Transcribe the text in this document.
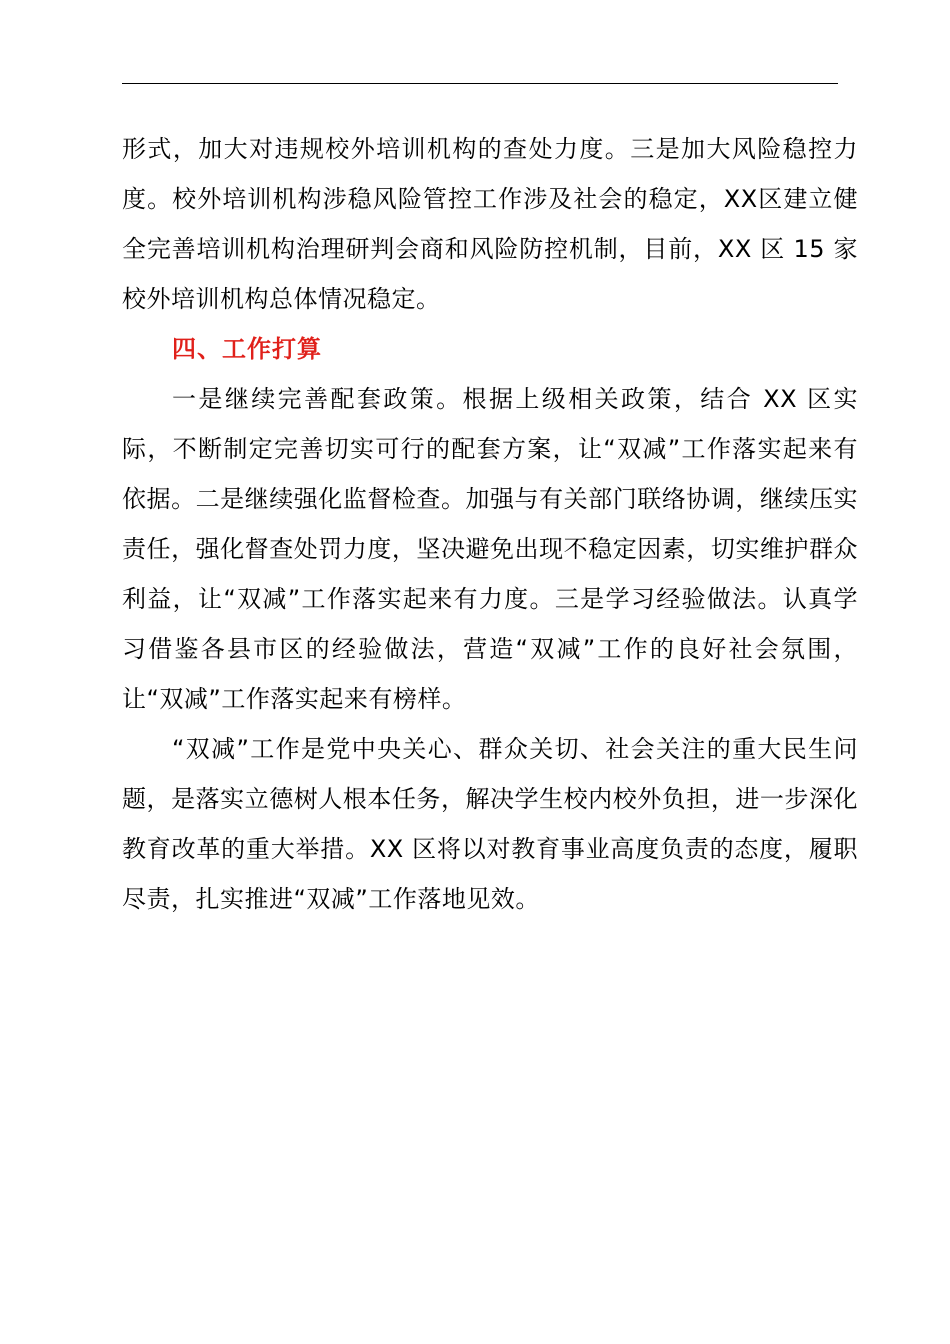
形式，加大对违规校外培训机构的查处力度。三是加大风险稳控力度。校外培训机构涉稳风险管控工作涉及社会的稳定，XX区建立健全完善培训机构治理研判会商和风险防控机制，目前，XX 区 15 家校外培训机构总体情况稳定。

四、工作打算

一是继续完善配套政策。根据上级相关政策，结合 XX 区实际，不断制定完善切实可行的配套方案，让“双减”工作落实起来有依据。二是继续强化监督检查。加强与有关部门联络协调，继续压实责任，强化督查处罚力度，坚决避免出现不稳定因素，切实维护群众利益，让“双减”工作落实起来有力度。三是学习经验做法。认真学习借鉴各县市区的经验做法，营造“双减”工作的良好社会氛围，让“双减”工作落实起来有榜样。

“双减”工作是党中央关心、群众关切、社会关注的重大民生问题，是落实立德树人根本任务，解决学生校内校外负担，进一步深化教育改革的重大举措。XX 区将以对教育事业高度负责的态度，履职尽责，扎实推进“双减”工作落地见效。
